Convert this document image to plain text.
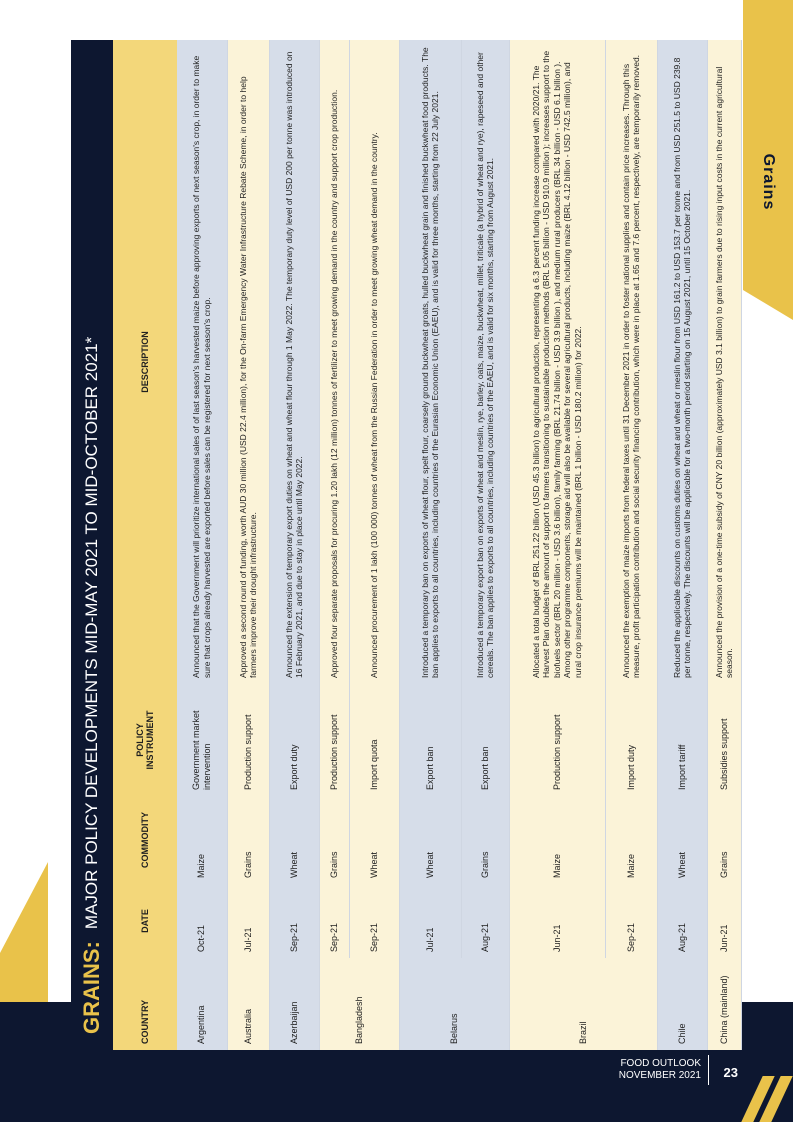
FOOD OUTLOOK
NOVEMBER 2021 23
Grains
GRAINS:
MAJOR POLICY DEVELOPMENTS MID-MAY 2021 TO MID-OCTOBER 2021*
COUNTRY	DATE	COMMODITY	POLICY INSTRUMENT	DESCRIPTION
Argentina	Oct-21	Maize	Government market intervention	Announced that the Government will prioritize international sales of of last season's harvested maize before approving exports of next season's crop, in order to make sure that crops already harvested are exported before sales can be registered for next season's crop.
Australia	Jul-21	Grains	Production support	Approved a second round of funding, worth AUD 30 million (USD 22.4 million), for the On-farm Emergency Water Infrastructure Rebate Scheme, in order to help farmers improve their drought infrastructure.
Azerbaijan	Sep-21	Wheat	Export duty	Announced the extension of temporary export duties on wheat and wheat flour through 1 May 2022. The temporary duty level of USD 200 per tonne was introduced on 16 February 2021, and due to stay in place until May 2022.
Bangladesh	Sep-21	Grains	Production support	Approved four separate proposals for procuring 1.20 lakh (12 million) tonnes of fertilizer to meet growing demand in the country and support crop production.
	Sep-21	Wheat	Import quota	Announced procurement of 1 lakh (100 000) tonnes of wheat from the Russian Federation in order to meet growing wheat demand in the country.
Belarus	Jul-21	Wheat	Export ban	Introduced a temporary ban on exports of wheat flour, spelt flour, coarsely ground buckwheat groats, hulled buckwheat grain and finished buckwheat food products. The ban applies to exports to all countries, including countries of the Eurasian Economic Union (EAEU), and is valid for three months, starting from 22 July 2021.
	Aug-21	Grains	Export ban	Introduced a temporary export ban on exports of wheat and meslin, rye, barley, oats, maize, buckwheat, millet, triticale (a hybrid of wheat and rye), rapeseed and other cereals. The ban applies to exports to all countries, including countries of the EAEU, and is valid for six months, starting from August 2021.
Brazil	Jun-21	Maize	Production support	Allocated a total budget of BRL 251.22 billion (USD 45.3 billion) to agricultural production, representing a 6.3 percent funding increase compared with 2020/21. The Harvest Plan doubles the amount of support to farmers transitioning to sustainable production methods (BRL 5.05 billion - USD 910.9 million ); increases support to the biofuels sector (BRL 20 million - USD 3.6 billion), family farming (BRL 21.74 billion - USD 3.9 billion ), and medium rural producers (BRL 34 billion - USD 6.1 billion ). Among other programme components, storage aid will also be available for several agricultural products, including maize (BRL 4.12 billion - USD 742.5 million), and rural crop insurance premiums will be maintained (BRL 1 billion - USD 180.2 million) for 2022.
	Sep-21	Maize	Import duty	Announced the exemption of maize imports from federal taxes until 31 December 2021 in order to foster national supplies and contain price increases. Through this measure, profit participation contribution and social security financing contribution, which were in place at 1.65 and 7.6 percent, respectively, are temporarily removed.
Chile	Aug-21	Wheat	Import tariff	Reduced the applicable discounts on customs duties on wheat and wheat or meslin flour from USD 161.2 to USD 153.7 per tonne and from USD 251.5 to USD 239.8 per tonne, respectively. The discounts will be applicable for a two-month period starting on 15 August 2021, until 15 October 2021.
China (mainland)	Jun-21	Grains	Subsidies support	Announced the provision of a one-time subsidy of CNY 20 billion (approximately USD 3.1 billion) to grain farmers due to rising input costs in the current agricultural season.
